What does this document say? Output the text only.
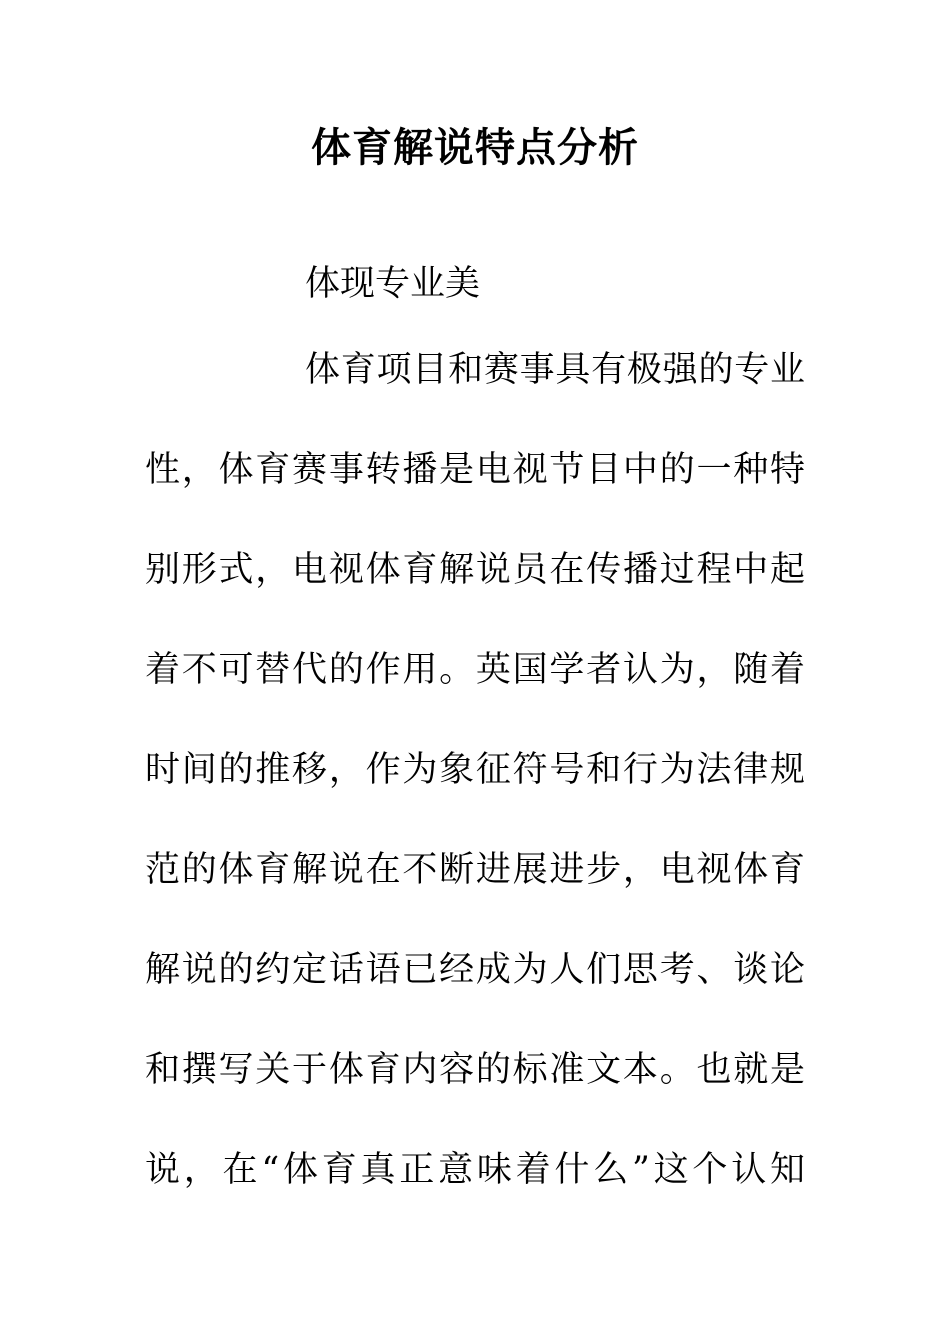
体育解说特点分析
体现专业美
体育项目和赛事具有极强的专业
性，体育赛事转播是电视节目中的一种特
别形式，电视体育解说员在传播过程中起
着不可替代的作用。英国学者认为，随着
时间的推移，作为象征符号和行为法律规
范的体育解说在不断进展进步，电视体育
解说的约定话语已经成为人们思考、谈论
和撰写关于体育内容的标准文本。也就是
说，在“体育真正意味着什么”这个认知
